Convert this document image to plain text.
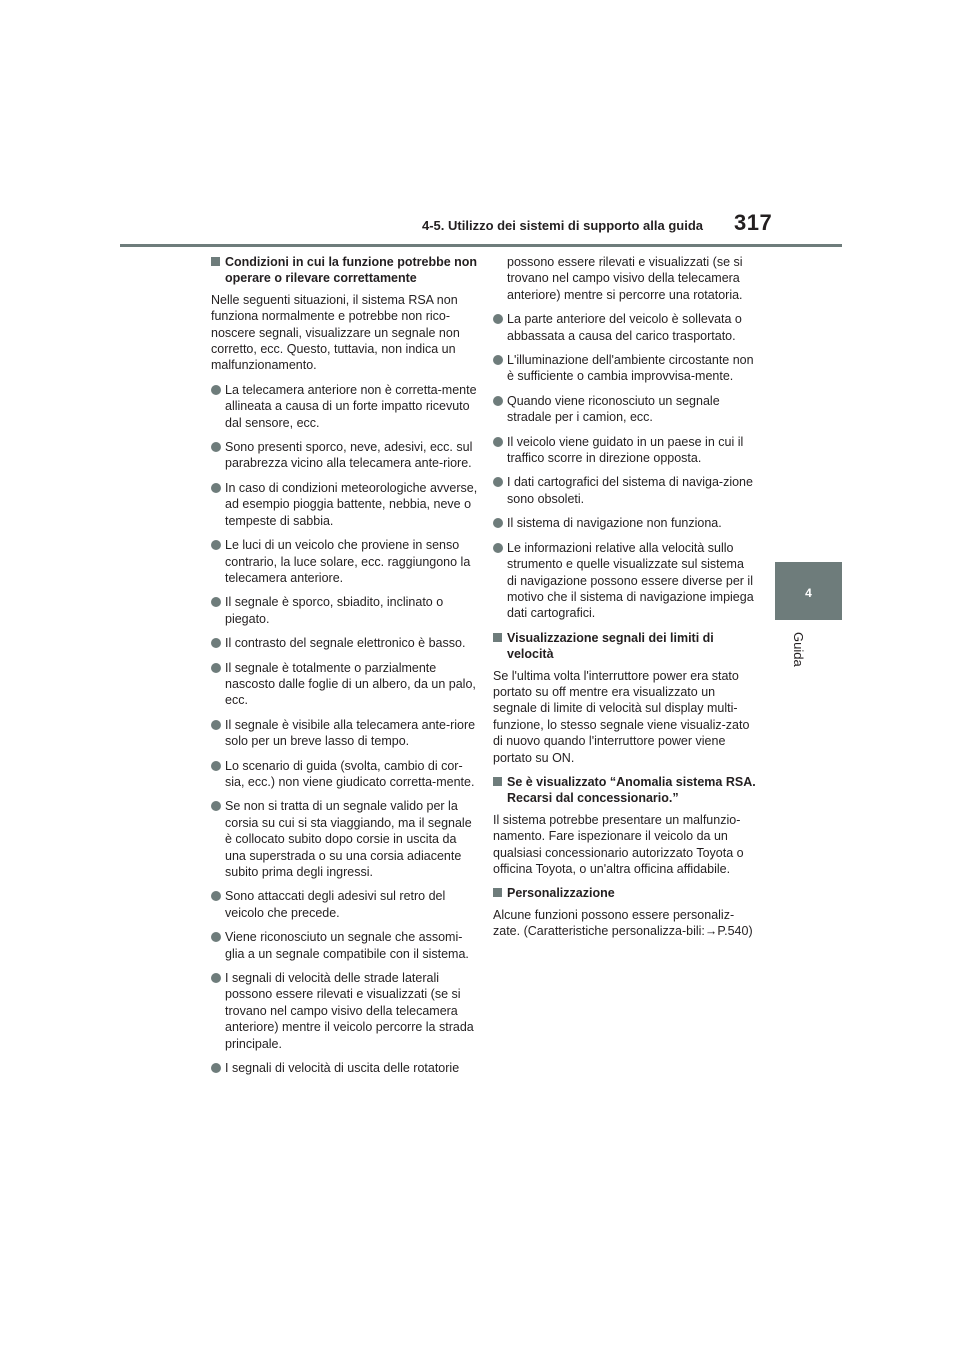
4-5. Utilizzo dei sistemi di supporto alla guida 317
4
Guida
Condizioni in cui la funzione potrebbe non operare o rilevare correttamente
Nelle seguenti situazioni, il sistema RSA non funziona normalmente e potrebbe non rico-noscere segnali, visualizzare un segnale non corretto, ecc. Questo, tuttavia, non indica un malfunzionamento.
La telecamera anteriore non è corretta-mente allineata a causa di un forte impatto ricevuto dal sensore, ecc.
Sono presenti sporco, neve, adesivi, ecc. sul parabrezza vicino alla telecamera ante-riore.
In caso di condizioni meteorologiche avverse, ad esempio pioggia battente, nebbia, neve o tempeste di sabbia.
Le luci di un veicolo che proviene in senso contrario, la luce solare, ecc. raggiungono la telecamera anteriore.
Il segnale è sporco, sbiadito, inclinato o piegato.
Il contrasto del segnale elettronico è basso.
Il segnale è totalmente o parzialmente nascosto dalle foglie di un albero, da un palo, ecc.
Il segnale è visibile alla telecamera ante-riore solo per un breve lasso di tempo.
Lo scenario di guida (svolta, cambio di cor-sia, ecc.) non viene giudicato corretta-mente.
Se non si tratta di un segnale valido per la corsia su cui si sta viaggiando, ma il segnale è collocato subito dopo corsie in uscita da una superstrada o su una corsia adiacente subito prima degli ingressi.
Sono attaccati degli adesivi sul retro del veicolo che precede.
Viene riconosciuto un segnale che assomi-glia a un segnale compatibile con il sistema.
I segnali di velocità delle strade laterali possono essere rilevati e visualizzati (se si trovano nel campo visivo della telecamera anteriore) mentre il veicolo percorre la strada principale.
I segnali di velocità di uscita delle rotatorie
possono essere rilevati e visualizzati (se si trovano nel campo visivo della telecamera anteriore) mentre si percorre una rotatoria.
La parte anteriore del veicolo è sollevata o abbassata a causa del carico trasportato.
L'illuminazione dell'ambiente circostante non è sufficiente o cambia improvvisa-mente.
Quando viene riconosciuto un segnale stradale per i camion, ecc.
Il veicolo viene guidato in un paese in cui il traffico scorre in direzione opposta.
I dati cartografici del sistema di naviga-zione sono obsoleti.
Il sistema di navigazione non funziona.
Le informazioni relative alla velocità sullo strumento e quelle visualizzate sul sistema di navigazione possono essere diverse per il motivo che il sistema di navigazione impiega dati cartografici.
Visualizzazione segnali dei limiti di velocità
Se l'ultima volta l'interruttore power era stato portato su off mentre era visualizzato un segnale di limite di velocità sul display multi-funzione, lo stesso segnale viene visualiz-zato di nuovo quando l'interruttore power viene portato su ON.
Se è visualizzato “Anomalia sistema RSA. Recarsi dal concessionario.”
Il sistema potrebbe presentare un malfunzio-namento. Fare ispezionare il veicolo da un qualsiasi concessionario autorizzato Toyota o officina Toyota, o un'altra officina affidabile.
Personalizzazione
Alcune funzioni possono essere personaliz-zate. (Caratteristiche personalizza-bili:→P.540)
